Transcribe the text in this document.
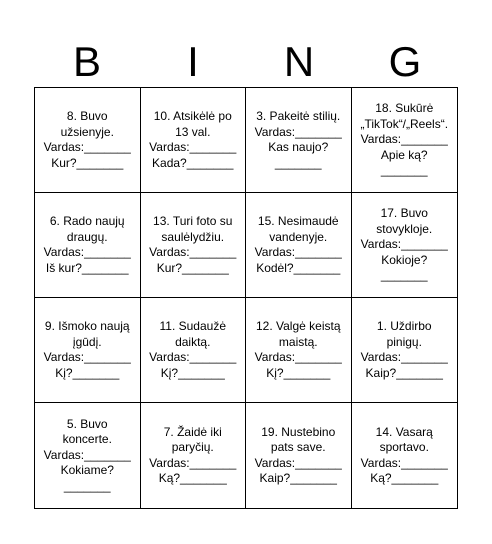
B	I	N	G
8. Buvo
užsienyje.
Vardas:_______
Kur?_______
10. Atsikėlė po
13 val.
Vardas:_______
Kada?_______
3. Pakeitė stilių.
Vardas:_______
Kas naujo?
_______
18. Sukūrė
„TikTok“/„Reels“.
Vardas:_______
Apie ką?
_______
6. Rado naujų
draugų.
Vardas:_______
Iš kur?_______
13. Turi foto su
saulėlydžiu.
Vardas:_______
Kur?_______
15. Nesimaudė
vandenyje.
Vardas:_______
Kodėl?_______
17. Buvo
stovykloje.
Vardas:_______
Kokioje?
_______
9. Išmoko naują
įgūdį.
Vardas:_______
Kį?_______
11. Sudaužė
daiktą.
Vardas:_______
Kį?_______
12. Valgė keistą
maistą.
Vardas:_______
Kį?_______
1. Uždirbo
pinigų.
Vardas:_______
Kaip?_______
5. Buvo
koncerte.
Vardas:_______
Kokiame?
_______
7. Žaidė iki
paryčių.
Vardas:_______
Ką?_______
19. Nustebino
pats save.
Vardas:_______
Kaip?_______
14. Vasarą
sportavo.
Vardas:_______
Ką?_______
